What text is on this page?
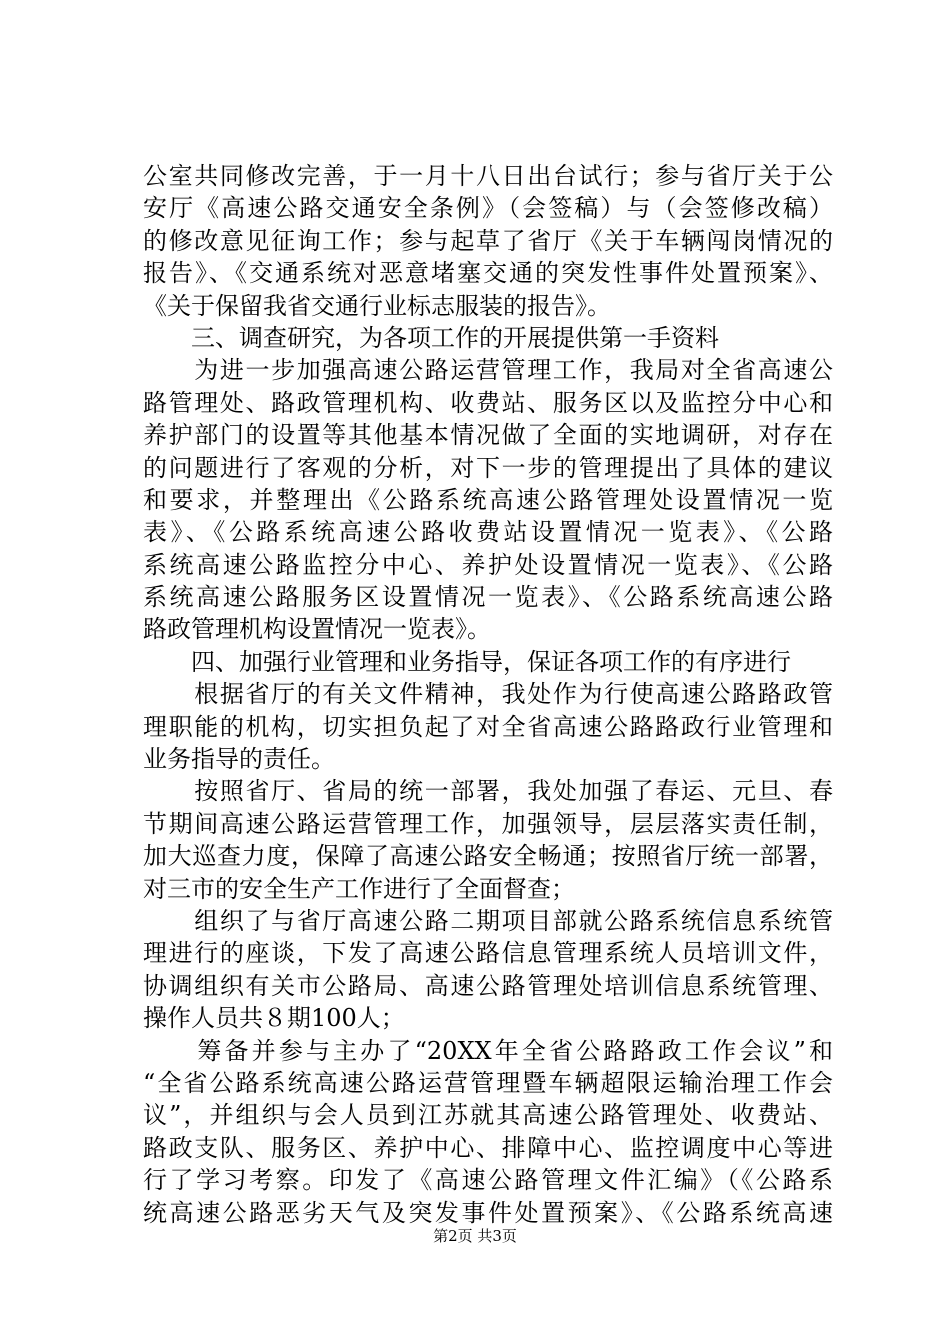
公室共同修改完善，于一月十八日出台试行；参与省厅关于公
安厅《高速公路交通安全条例》（会签稿）与（会签修改稿）
的修改意见征询工作；参与起草了省厅《关于车辆闯岗情况的
报告》、《交通系统对恶意堵塞交通的突发性事件处置预案》、
《关于保留我省交通行业标志服装的报告》。
　　三、调查研究，为各项工作的开展提供第一手资料
　　为进一步加强高速公路运营管理工作，我局对全省高速公
路管理处、路政管理机构、收费站、服务区以及监控分中心和
养护部门的设置等其他基本情况做了全面的实地调研，对存在
的问题进行了客观的分析，对下一步的管理提出了具体的建议
和要求，并整理出《公路系统高速公路管理处设置情况一览
表》、《公路系统高速公路收费站设置情况一览表》、《公路
系统高速公路监控分中心、养护处设置情况一览表》、《公路
系统高速公路服务区设置情况一览表》、《公路系统高速公路
路政管理机构设置情况一览表》。
　　四、加强行业管理和业务指导，保证各项工作的有序进行
　　根据省厅的有关文件精神，我处作为行使高速公路路政管
理职能的机构，切实担负起了对全省高速公路路政行业管理和
业务指导的责任。
　　按照省厅、省局的统一部署，我处加强了春运、元旦、春
节期间高速公路运营管理工作，加强领导，层层落实责任制，
加大巡查力度，保障了高速公路安全畅通；按照省厅统一部署，
对三市的安全生产工作进行了全面督查；
　　组织了与省厅高速公路二期项目部就公路系统信息系统管
理进行的座谈，下发了高速公路信息管理系统人员培训文件，
协调组织有关市公路局、高速公路管理处培训信息系统管理、
操作人员共８期100人；
　　筹备并参与主办了“20XX年全省公路路政工作会议”和
“全省公路系统高速公路运营管理暨车辆超限运输治理工作会
议”，并组织与会人员到江苏就其高速公路管理处、收费站、
路政支队、服务区、养护中心、排障中心、监控调度中心等进
行了学习考察。印发了《高速公路管理文件汇编》（《公路系
统高速公路恶劣天气及突发事件处置预案》、《公路系统高速
第2页 共3页
